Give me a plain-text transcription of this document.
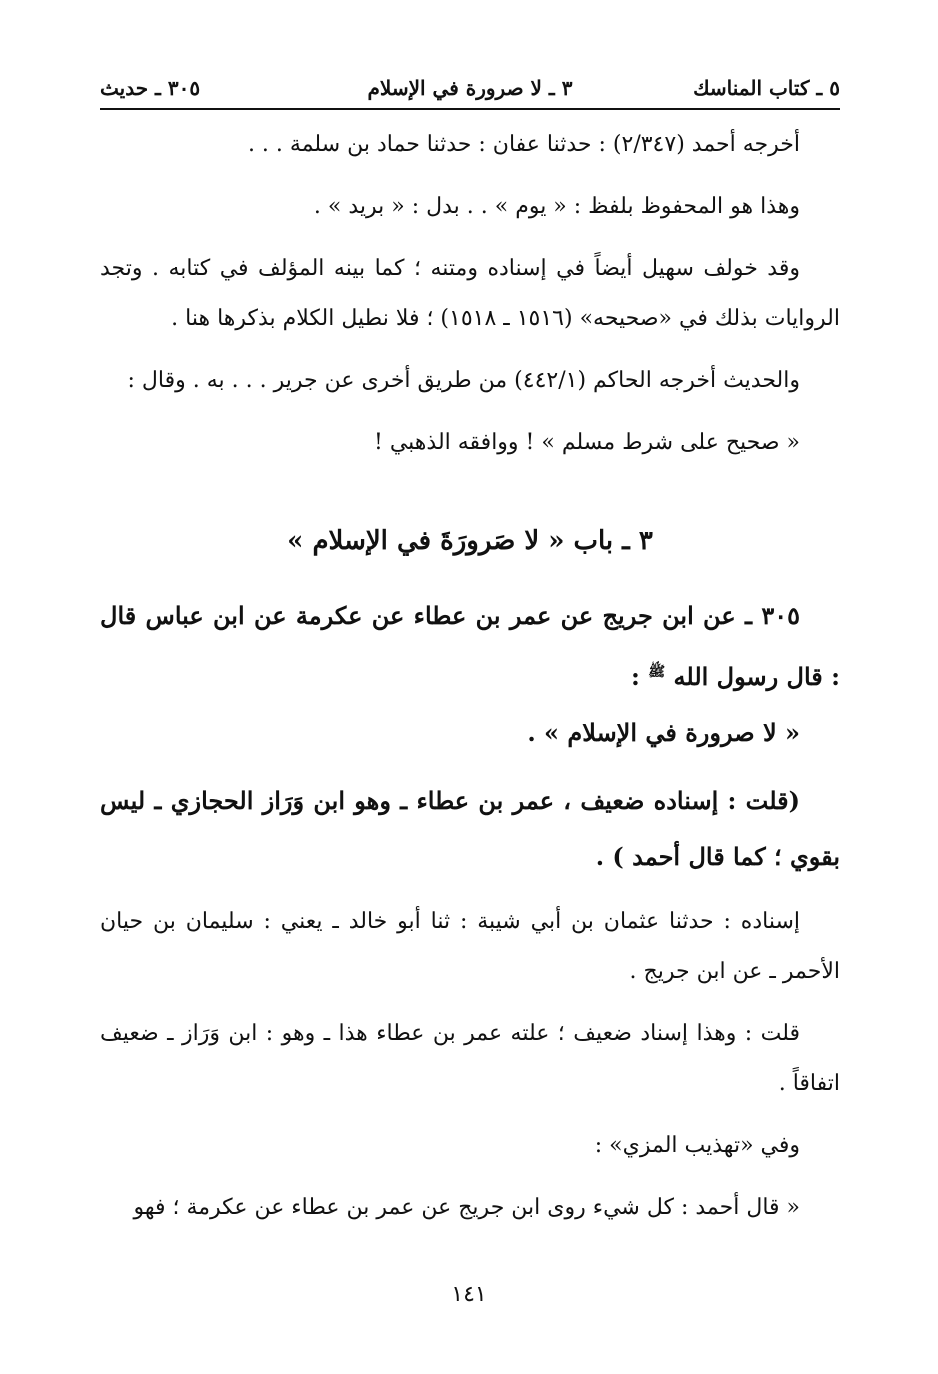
٥ ـ كتاب المناسك
٣ ـ لا صرورة في الإسلام
٣٠٥ ـ حديث

أخرجه أحمد (٢/٣٤٧) : حدثنا عفان : حدثنا حماد بن سلمة . . .

وهذا هو المحفوظ بلفظ : « يوم » . . بدل : « بريد » .

وقد خولف سهيل أيضاً في إسناده ومتنه ؛ كما بينه المؤلف في كتابه . وتجد الروايات بذلك في «صحيحه» (١٥١٦ ـ ١٥١٨) ؛ فلا نطيل الكلام بذكرها هنا .

والحديث أخرجه الحاكم (٤٤٢/١) من طريق أخرى عن جرير . . . به . وقال :

« صحيح على شرط مسلم » ! ووافقه الذهبي !

٣ ـ باب « لا صَرورَةَ في الإسلام »

٣٠٥ ـ عن ابن جريج عن عمر بن عطاء عن عكرمة عن ابن عباس قال : قال رسول الله $^ﷺ$ :

« لا صرورة في الإسلام » .

(قلت : إسناده ضعيف ، عمر بن عطاء ـ وهو ابن وَرَاز الحجازي ـ ليس بقوي ؛ كما قال أحمد ) .

إسناده : حدثنا عثمان بن أبي شيبة : ثنا أبو خالد ـ يعني : سليمان بن حيان الأحمر ـ عن ابن جريج .

قلت : وهذا إسناد ضعيف ؛ علته عمر بن عطاء هذا ـ وهو : ابن وَرَاز ـ ضعيف اتفاقاً .

وفي «تهذيب المزي» :

« قال أحمد : كل شيء روى ابن جريج عن عمر بن عطاء عن عكرمة ؛ فهو

١٤١
